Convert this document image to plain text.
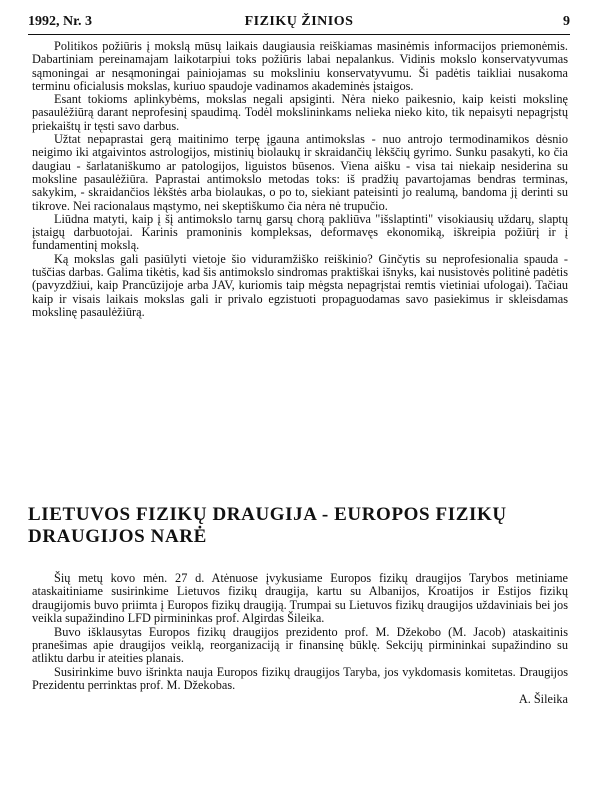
1992, Nr. 3	FIZIKŲ ŽINIOS	9

Politikos požiūris į mokslą mūsų laikais daugiausia reiškiamas masinėmis informacijos priemonėmis. Dabartiniam pereinamajam laikotarpiui toks požiūris labai nepalankus. Vidinis mokslo konservatyvumas sąmoningai ar nesąmoningai painiojamas su moksliniu konservatyvumu. Ši padėtis taikliai nusakoma terminu oficialusis mokslas, kuriuo spaudoje vadinamos akademinės įstaigos.

Esant tokioms aplinkybėms, mokslas negali apsiginti. Nėra nieko paikesnio, kaip keisti mokslinę pasaulėžiūrą darant neprofesinį spaudimą. Todėl mokslininkams nelieka nieko kito, tik nepaisyti nepagrįstų priekaištų ir tęsti savo darbus.

Užtat nepaprastai gerą maitinimo terpę įgauna antimokslas - nuo antrojo termodinamikos dėsnio neigimo iki atgaivintos astrologijos, mistinių biolaukų ir skraidančių lėkščių gyrimo. Sunku pasakyti, ko čia daugiau - šarlataniškumo ar patologijos, liguistos būsenos. Viena aišku - visa tai niekaip nesiderina su moksline pasaulėžiūra. Paprastai antimokslo metodas toks: iš pradžių pavartojamas bendras terminas, sakykim, - skraidančios lėkštės arba biolaukas, o po to, siekiant pateisinti jo realumą, bandoma jį derinti su tikrove. Nei racionalaus mąstymo, nei skeptiškumo čia nėra nė trupučio.

Liūdna matyti, kaip į šį antimokslo tarnų garsų chorą pakliūva "išslaptinti" visokiausių uždarų, slaptų įstaigų darbuotojai. Karinis pramoninis kompleksas, deformavęs ekonomiką, iškreipia požiūrį ir į fundamentinį mokslą.

Ką mokslas gali pasiūlyti vietoje šio viduramžiško reiškinio? Ginčytis su neprofesionalia spauda - tuščias darbas. Galima tikėtis, kad šis antimokslo sindromas praktiškai išnyks, kai nusistovės politinė padėtis (pavyzdžiui, kaip Prancūzijoje arba JAV, kuriomis taip mėgsta nepagrįstai remtis vietiniai ufologai). Tačiau kaip ir visais laikais mokslas gali ir privalo egzistuoti propaguodamas savo pasiekimus ir skleisdamas mokslinę pasaulėžiūrą.

LIETUVOS FIZIKŲ DRAUGIJA - EUROPOS FIZIKŲ DRAUGIJOS NARĖ

Šių metų kovo mėn. 27 d. Atėnuose įvykusiame Europos fizikų draugijos Tarybos metiniame ataskaitiniame susirinkime Lietuvos fizikų draugija, kartu su Albanijos, Kroatijos ir Estijos fizikų draugijomis buvo priimta į Europos fizikų draugiją. Trumpai su Lietuvos fizikų draugijos uždaviniais bei jos veikla supažindino LFD pirmininkas prof. Algirdas Šileika.

Buvo išklausytas Europos fizikų draugijos prezidento prof. M. Džekobo (M. Jacob) ataskaitinis pranešimas apie draugijos veiklą, reorganizaciją ir finansinę būklę. Sekcijų pirmininkai supažindino su atliktu darbu ir ateities planais.

Susirinkime buvo išrinkta nauja Europos fizikų draugijos Taryba, jos vykdomasis komitetas. Draugijos Prezidentu perrinktas prof. M. Džekobas.

A. Šileika
